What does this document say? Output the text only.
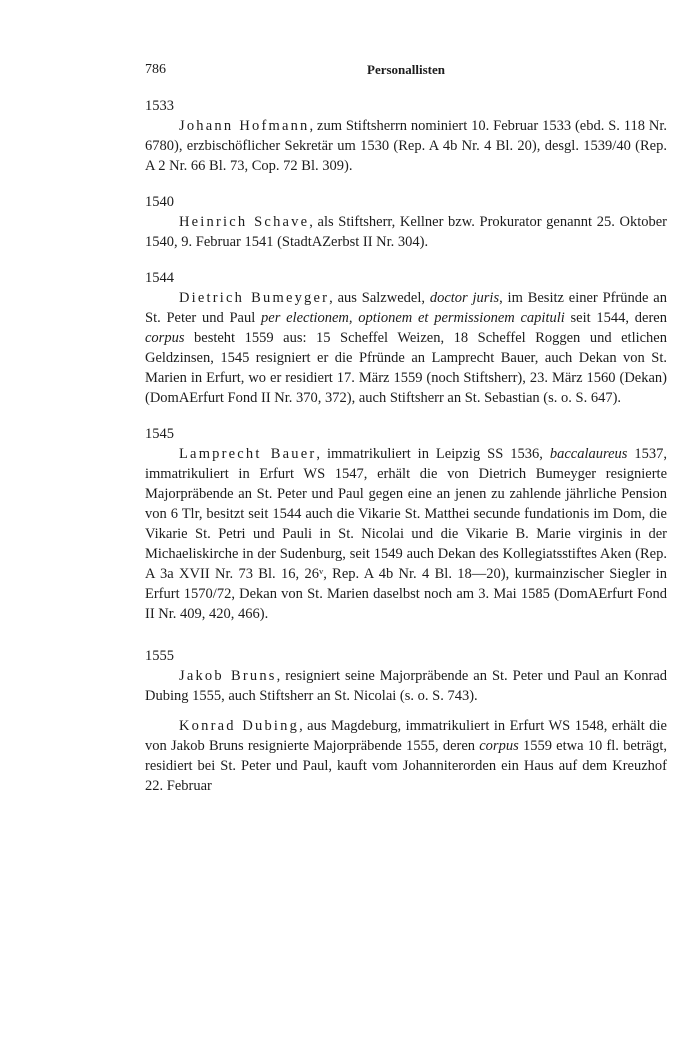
786	Personallisten

1533

Johann Hofmann, zum Stiftsherrn nominiert 10. Februar 1533 (ebd. S. 118 Nr. 6780), erzbischöflicher Sekretär um 1530 (Rep. A 4b Nr. 4 Bl. 20), desgl. 1539/40 (Rep. A 2 Nr. 66 Bl. 73, Cop. 72 Bl. 309).

1540

Heinrich Schave, als Stiftsherr, Kellner bzw. Prokurator genannt 25. Oktober 1540, 9. Februar 1541 (StadtAZerbst II Nr. 304).

1544

Dietrich Bumeyger, aus Salzwedel, doctor juris, im Besitz einer Pfründe an St. Peter und Paul per electionem, optionem et permissionem capituli seit 1544, deren corpus besteht 1559 aus: 15 Scheffel Weizen, 18 Scheffel Roggen und etlichen Geldzinsen, 1545 resigniert er die Pfründe an Lamprecht Bauer, auch Dekan von St. Marien in Erfurt, wo er residiert 17. März 1559 (noch Stiftsherr), 23. März 1560 (Dekan) (DomAErfurt Fond II Nr. 370, 372), auch Stiftsherr an St. Sebastian (s. o. S. 647).

1545

Lamprecht Bauer, immatrikuliert in Leipzig SS 1536, baccalaureus 1537, immatrikuliert in Erfurt WS 1547, erhält die von Dietrich Bumeyger resignierte Majorpräbende an St. Peter und Paul gegen eine an jenen zu zahlende jährliche Pension von 6 Tlr, besitzt seit 1544 auch die Vikarie St. Matthei secunde fundationis im Dom, die Vikarie St. Petri und Pauli in St. Nicolai und die Vikarie B. Marie virginis in der Michaeliskirche in der Sudenburg, seit 1549 auch Dekan des Kollegiatsstiftes Aken (Rep. A 3a XVII Nr. 73 Bl. 16, 26ᵛ, Rep. A 4b Nr. 4 Bl. 18—20), kurmainzischer Siegler in Erfurt 1570/72, Dekan von St. Marien daselbst noch am 3. Mai 1585 (DomAErfurt Fond II Nr. 409, 420, 466).

1555

Jakob Bruns, resigniert seine Majorpräbende an St. Peter und Paul an Konrad Dubing 1555, auch Stiftsherr an St. Nicolai (s. o. S. 743).

Konrad Dubing, aus Magdeburg, immatrikuliert in Erfurt WS 1548, erhält die von Jakob Bruns resignierte Majorpräbende 1555, deren corpus 1559 etwa 10 fl. beträgt, residiert bei St. Peter und Paul, kauft vom Johanniterorden ein Haus auf dem Kreuzhof 22. Februar
